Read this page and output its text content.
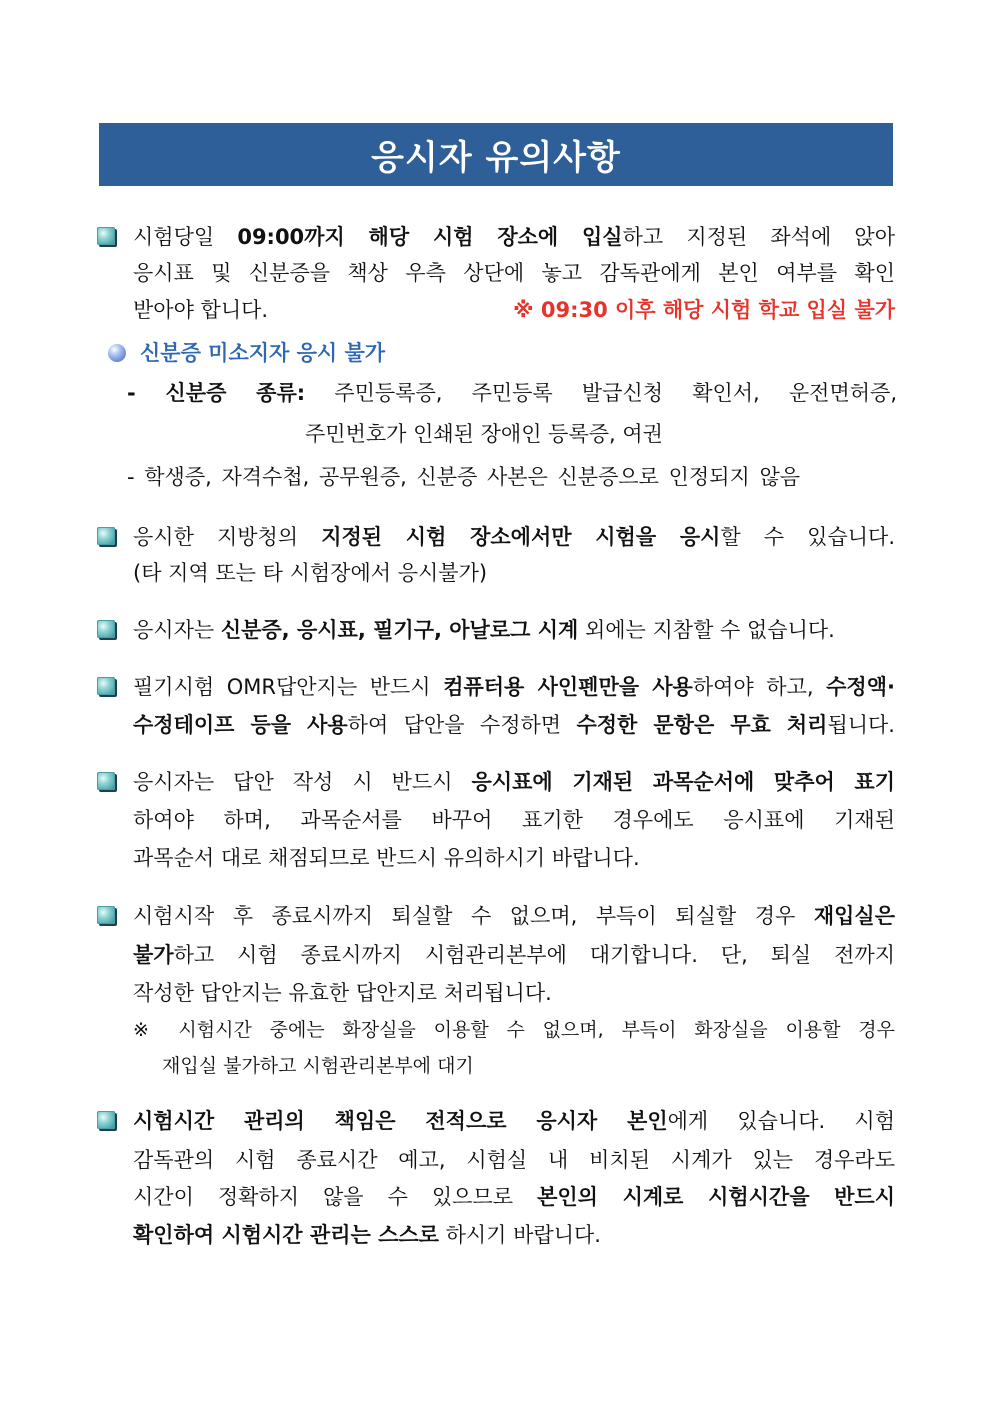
응시자 유의사항
시험당일 09:00까지 해당 시험 장소에 입실하고 지정된 좌석에 앉아
응시표 및 신분증을 책상 우측 상단에 놓고 감독관에게 본인 여부를 확인
받아야 합니다.	※ 09:30 이후 해당 시험 학교 입실 불가
응시한 지방청의 지정된 시험 장소에서만 시험을 응시할 수 있습니다.
(타 지역 또는 타 시험장에서 응시불가)
응시자는 신분증, 응시표, 필기구, 아날로그 시계 외에는 지참할 수 없습니다.
필기시험 OMR답안지는 반드시 컴퓨터용 사인펜만을 사용하여야 하고, 수정액·
수정테이프 등을 사용하여 답안을 수정하면 수정한 문항은 무효 처리됩니다.
응시자는 답안 작성 시 반드시 응시표에 기재된 과목순서에 맞추어 표기
하여야 하며, 과목순서를 바꾸어 표기한 경우에도 응시표에 기재된
과목순서 대로 채점되므로 반드시 유의하시기 바랍니다.
시험시작 후 종료시까지 퇴실할 수 없으며, 부득이 퇴실할 경우 재입실은
불가하고 시험 종료시까지 시험관리본부에 대기합니다. 단, 퇴실 전까지
작성한 답안지는 유효한 답안지로 처리됩니다.
※ 시험시간 중에는 화장실을 이용할 수 없으며, 부득이 화장실을 이용할 경우
재입실 불가하고 시험관리본부에 대기
시험시간 관리의 책임은 전적으로 응시자 본인에게 있습니다. 시험
감독관의 시험 종료시간 예고, 시험실 내 비치된 시계가 있는 경우라도
시간이 정확하지 않을 수 있으므로 본인의 시계로 시험시간을 반드시
확인하여 시험시간 관리는 스스로 하시기 바랍니다.
신분증 미소지자 응시 불가
- 신분증 종류: 주민등록증, 주민등록 발급신청 확인서, 운전면허증,
주민번호가 인쇄된 장애인 등록증, 여권
- 학생증, 자격수첩, 공무원증, 신분증 사본은 신분증으로 인정되지 않음
